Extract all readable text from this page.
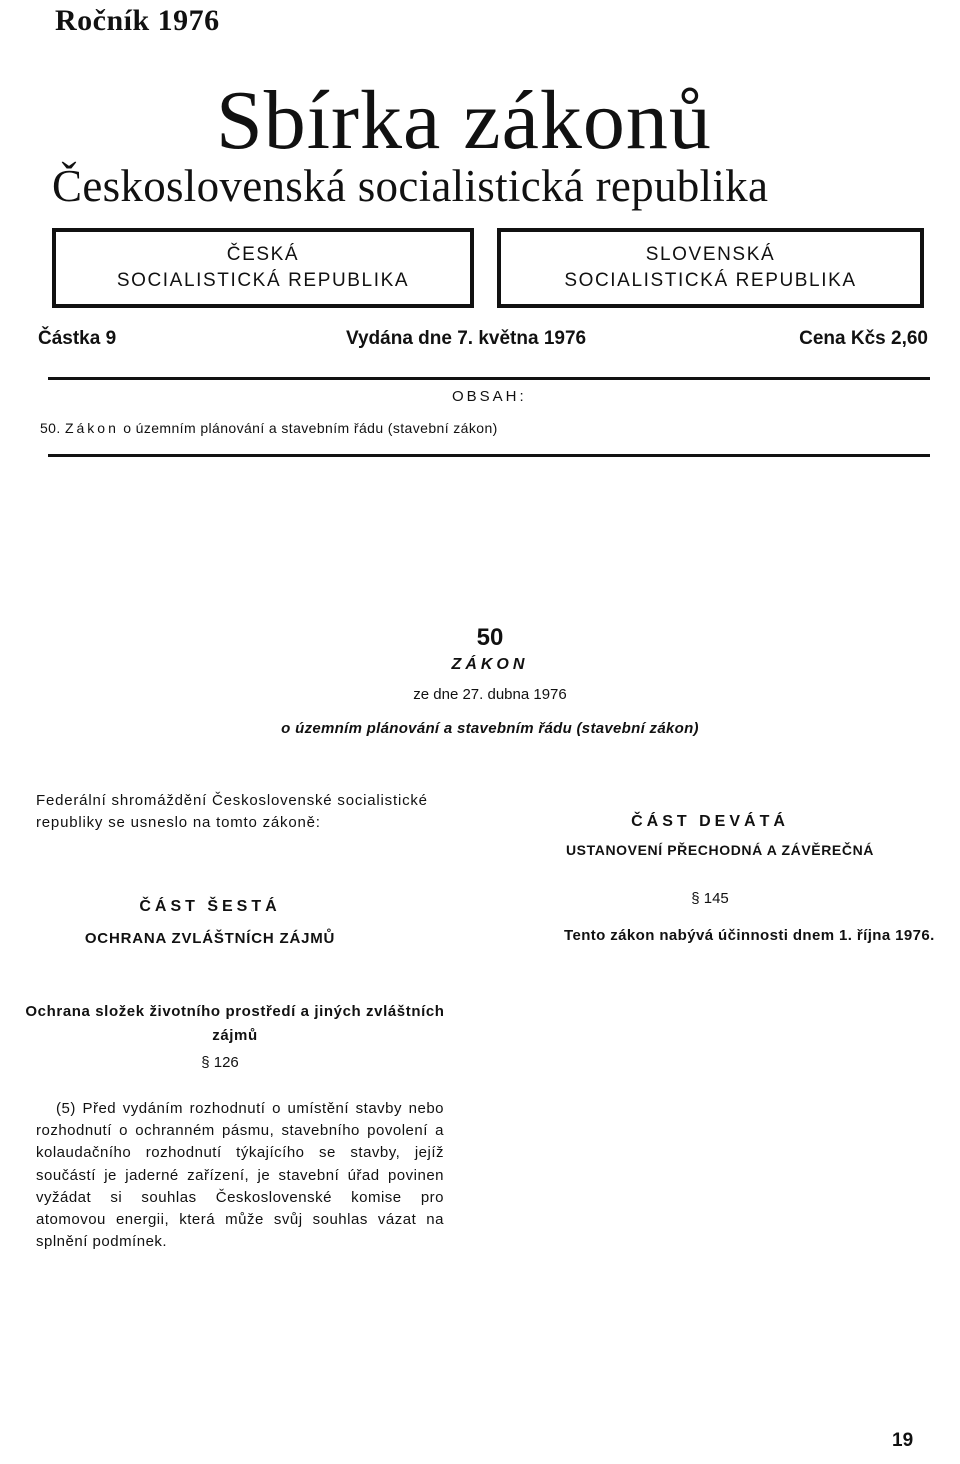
Ročník 1976
Sbírka zákonů
Československá socialistická republika
ČESKÁ
SOCIALISTICKÁ REPUBLIKA
SLOVENSKÁ
SOCIALISTICKÁ REPUBLIKA
Částka 9	Vydána dne 7. května 1976	Cena Kčs 2,60
OBSAH:
50. Zákon o územním plánování a stavebním řádu (stavební zákon)
50
ZÁKON
ze dne 27. dubna 1976
o územním plánování a stavebním řádu (stavební zákon)
Federální shromáždění Československé socialistické republiky se usneslo na tomto zákoně:
ČÁST ŠESTÁ
OCHRANA ZVLÁŠTNÍCH ZÁJMŮ
ČÁST DEVÁTÁ
USTANOVENÍ PŘECHODNÁ A ZÁVĚREČNÁ
§ 145
Tento zákon nabývá účinnosti dnem 1. října 1976.
Ochrana složek životního prostředí a jiných zvláštních zájmů
§ 126
(5) Před vydáním rozhodnutí o umístění stavby nebo rozhodnutí o ochranném pásmu, stavebního povolení a kolaudačního rozhodnutí týkajícího se stavby, jejíž součástí je jaderné zařízení, je stavební úřad povinen vyžádat si souhlas Československé komise pro atomovou energii, která může svůj souhlas vázat na splnění podmínek.
19
